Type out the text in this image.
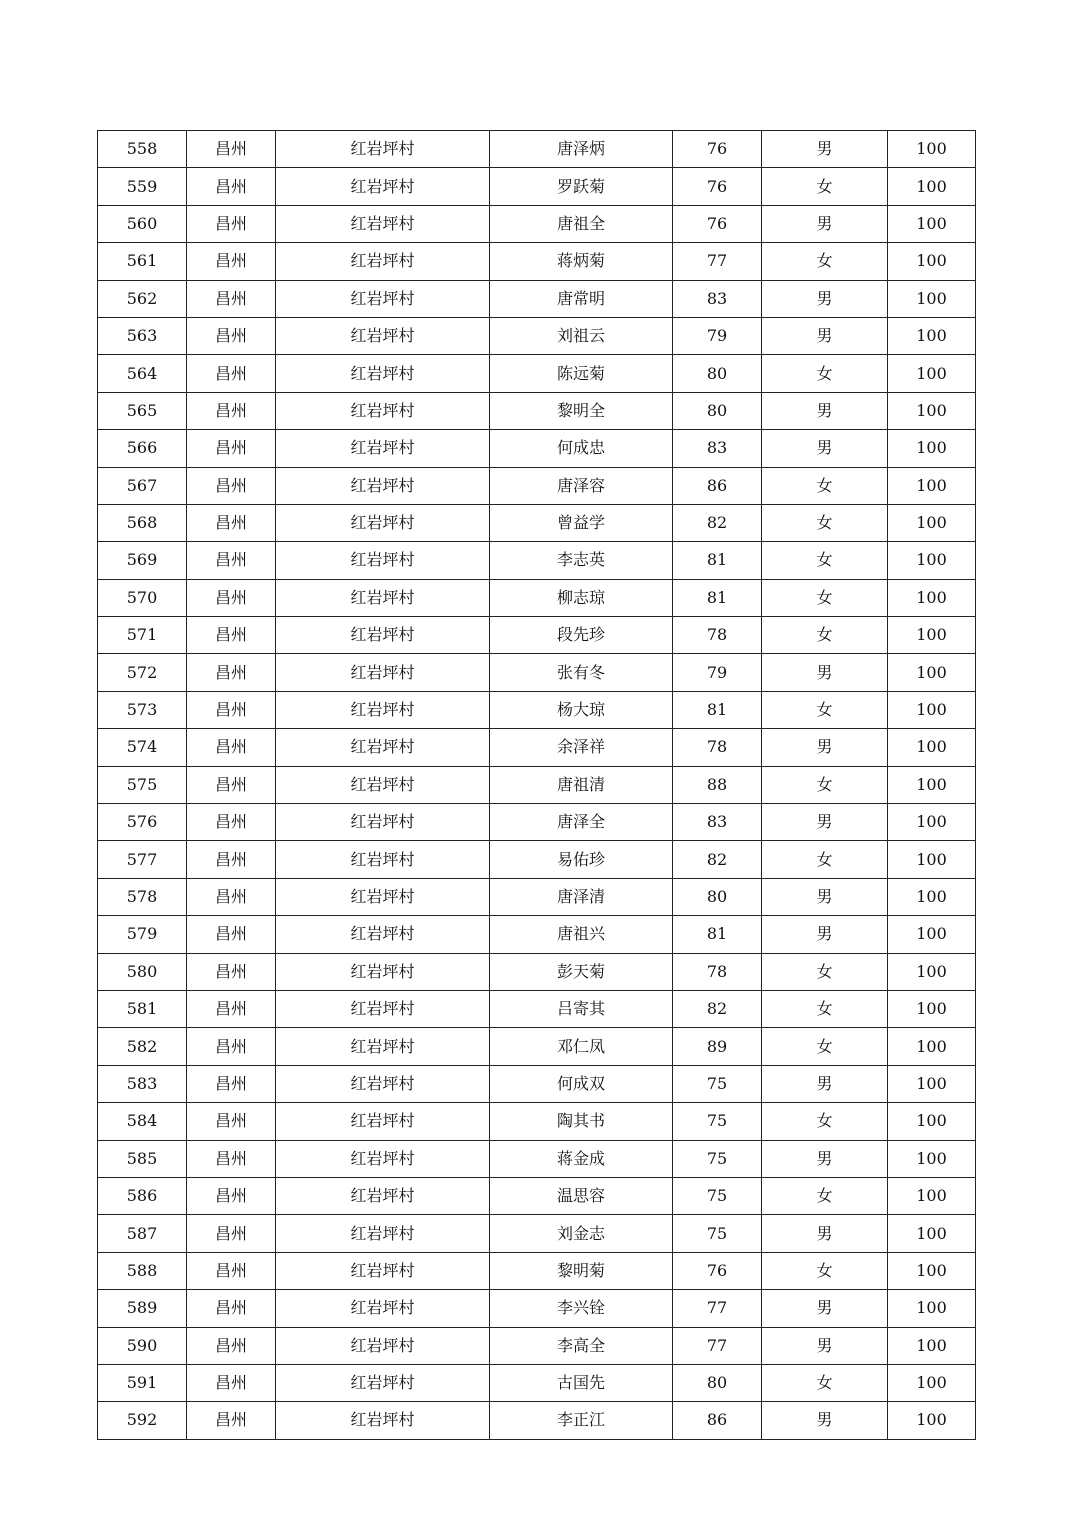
558	昌州	红岩坪村	唐泽炳	76	男	100
559	昌州	红岩坪村	罗跃菊	76	女	100
560	昌州	红岩坪村	唐祖全	76	男	100
561	昌州	红岩坪村	蒋炳菊	77	女	100
562	昌州	红岩坪村	唐常明	83	男	100
563	昌州	红岩坪村	刘祖云	79	男	100
564	昌州	红岩坪村	陈远菊	80	女	100
565	昌州	红岩坪村	黎明全	80	男	100
566	昌州	红岩坪村	何成忠	83	男	100
567	昌州	红岩坪村	唐泽容	86	女	100
568	昌州	红岩坪村	曾益学	82	女	100
569	昌州	红岩坪村	李志英	81	女	100
570	昌州	红岩坪村	柳志琼	81	女	100
571	昌州	红岩坪村	段先珍	78	女	100
572	昌州	红岩坪村	张有冬	79	男	100
573	昌州	红岩坪村	杨大琼	81	女	100
574	昌州	红岩坪村	余泽祥	78	男	100
575	昌州	红岩坪村	唐祖清	88	女	100
576	昌州	红岩坪村	唐泽全	83	男	100
577	昌州	红岩坪村	易佑珍	82	女	100
578	昌州	红岩坪村	唐泽清	80	男	100
579	昌州	红岩坪村	唐祖兴	81	男	100
580	昌州	红岩坪村	彭天菊	78	女	100
581	昌州	红岩坪村	吕寄其	82	女	100
582	昌州	红岩坪村	邓仁凤	89	女	100
583	昌州	红岩坪村	何成双	75	男	100
584	昌州	红岩坪村	陶其书	75	女	100
585	昌州	红岩坪村	蒋金成	75	男	100
586	昌州	红岩坪村	温思容	75	女	100
587	昌州	红岩坪村	刘金志	75	男	100
588	昌州	红岩坪村	黎明菊	76	女	100
589	昌州	红岩坪村	李兴铨	77	男	100
590	昌州	红岩坪村	李高全	77	男	100
591	昌州	红岩坪村	古国先	80	女	100
592	昌州	红岩坪村	李正江	86	男	100
